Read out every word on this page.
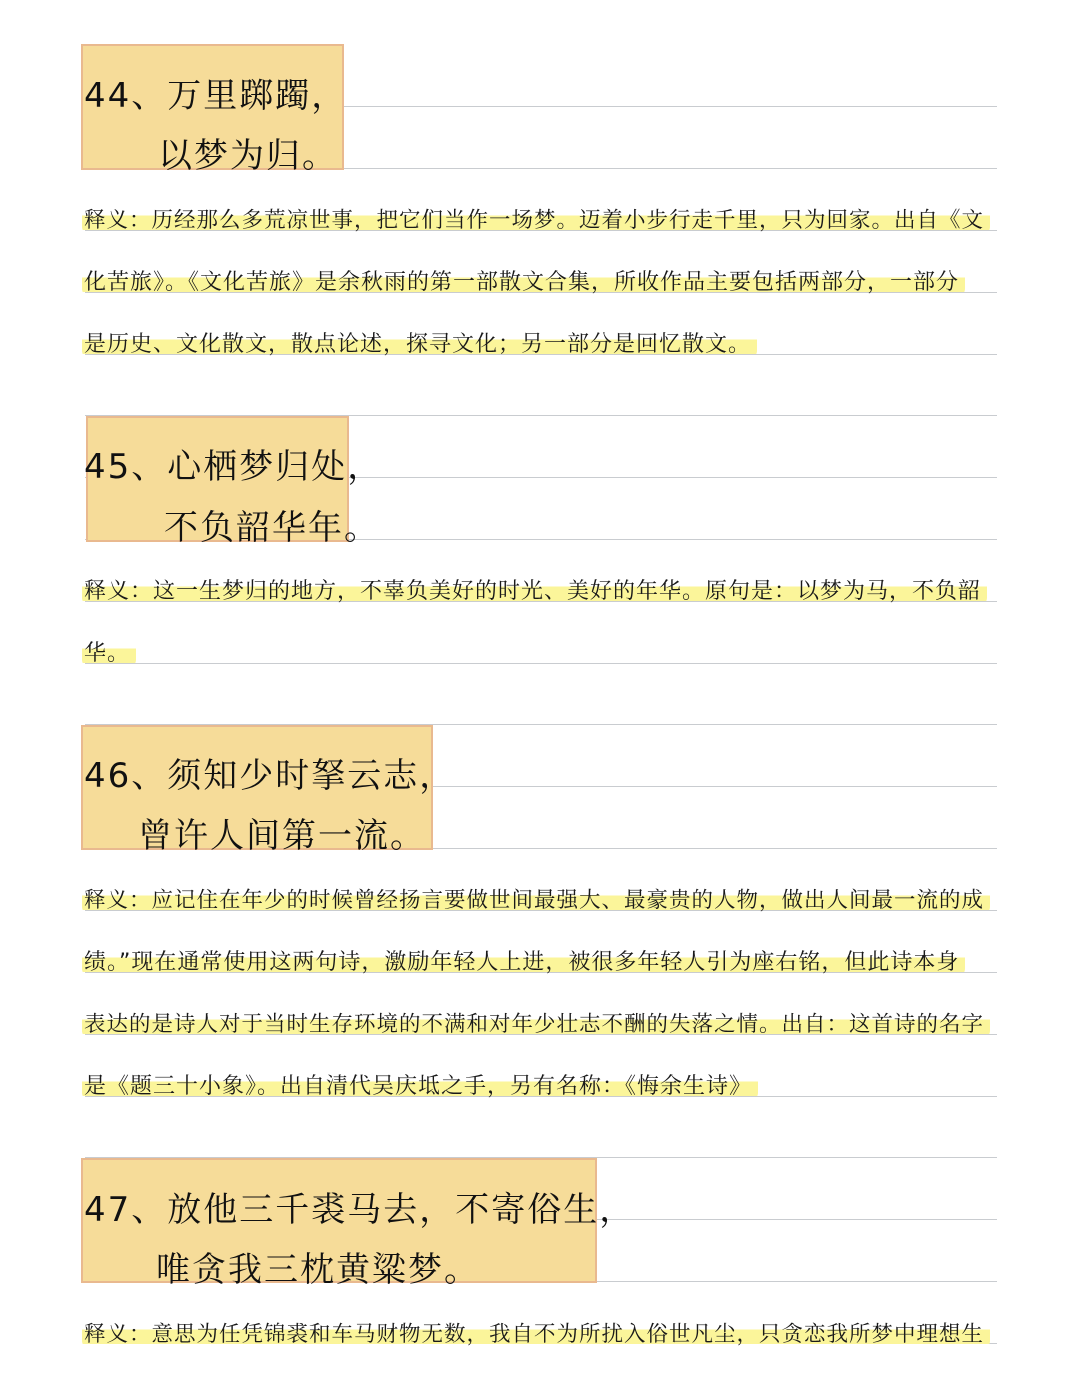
44、万里踯躅，
以梦为归。
释义：历经那么多荒凉世事，把它们当作一场梦。迈着小步行走千里，只为回家。出自《文
化苦旅》。《文化苦旅》是余秋雨的第一部散文合集，所收作品主要包括两部分，一部分
是历史、文化散文，散点论述，探寻文化；另一部分是回忆散文。
45、心栖梦归处，
不负韶华年。
释义：这一生梦归的地方，不辜负美好的时光、美好的年华。原句是：以梦为马，不负韶
华。
46、须知少时拏云志，
曾许人间第一流。
释义：应记住在年少的时候曾经扬言要做世间最强大、最豪贵的人物，做出人间最一流的成
绩。”现在通常使用这两句诗，激励年轻人上进，被很多年轻人引为座右铭，但此诗本身
表达的是诗人对于当时生存环境的不满和对年少壮志不酬的失落之情。出自：这首诗的名字
是《题三十小象》。出自清代吴庆坻之手，另有名称：《悔余生诗》
47、放他三千裘马去，不寄俗生，
唯贪我三枕黄粱梦。
释义：意思为任凭锦裘和车马财物无数，我自不为所扰入俗世凡尘，只贪恋我所梦中理想生
